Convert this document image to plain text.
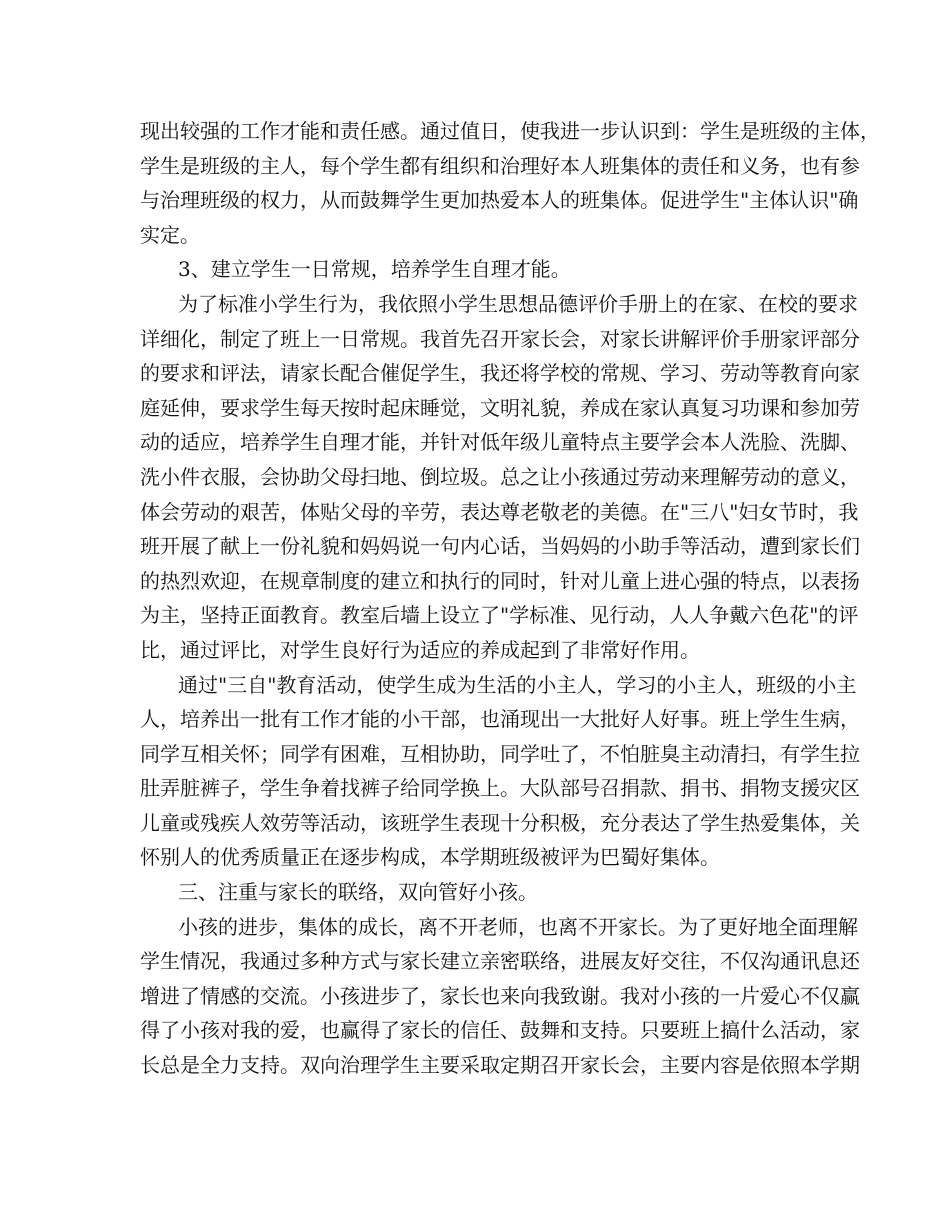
现出较强的工作才能和责任感。通过值日，使我进一步认识到：学生是班级的主体，
学生是班级的主人，每个学生都有组织和治理好本人班集体的责任和义务，也有参
与治理班级的权力，从而鼓舞学生更加热爱本人的班集体。促进学生"主体认识"确
实定。
3、建立学生一日常规，培养学生自理才能。
为了标准小学生行为，我依照小学生思想品德评价手册上的在家、在校的要求
详细化，制定了班上一日常规。我首先召开家长会，对家长讲解评价手册家评部分
的要求和评法，请家长配合催促学生，我还将学校的常规、学习、劳动等教育向家
庭延伸，要求学生每天按时起床睡觉，文明礼貌，养成在家认真复习功课和参加劳
动的适应，培养学生自理才能，并针对低年级儿童特点主要学会本人洗脸、洗脚、
洗小件衣服，会协助父母扫地、倒垃圾。总之让小孩通过劳动来理解劳动的意义，
体会劳动的艰苦，体贴父母的辛劳，表达尊老敬老的美德。在"三八"妇女节时，我
班开展了献上一份礼貌和妈妈说一句内心话，当妈妈的小助手等活动，遭到家长们
的热烈欢迎，在规章制度的建立和执行的同时，针对儿童上进心强的特点，以表扬
为主，坚持正面教育。教室后墙上设立了"学标准、见行动，人人争戴六色花"的评
比，通过评比，对学生良好行为适应的养成起到了非常好作用。
通过"三自"教育活动，使学生成为生活的小主人，学习的小主人，班级的小主
人，培养出一批有工作才能的小干部，也涌现出一大批好人好事。班上学生生病，
同学互相关怀；同学有困难，互相协助，同学吐了，不怕脏臭主动清扫，有学生拉
肚弄脏裤子，学生争着找裤子给同学换上。大队部号召捐款、捐书、捐物支援灾区
儿童或残疾人效劳等活动，该班学生表现十分积极，充分表达了学生热爱集体，关
怀别人的优秀质量正在逐步构成，本学期班级被评为巴蜀好集体。
三、注重与家长的联络，双向管好小孩。
小孩的进步，集体的成长，离不开老师，也离不开家长。为了更好地全面理解
学生情况，我通过多种方式与家长建立亲密联络，进展友好交往，不仅沟通讯息还
增进了情感的交流。小孩进步了，家长也来向我致谢。我对小孩的一片爱心不仅赢
得了小孩对我的爱，也赢得了家长的信任、鼓舞和支持。只要班上搞什么活动，家
长总是全力支持。双向治理学生主要采取定期召开家长会，主要内容是依照本学期
